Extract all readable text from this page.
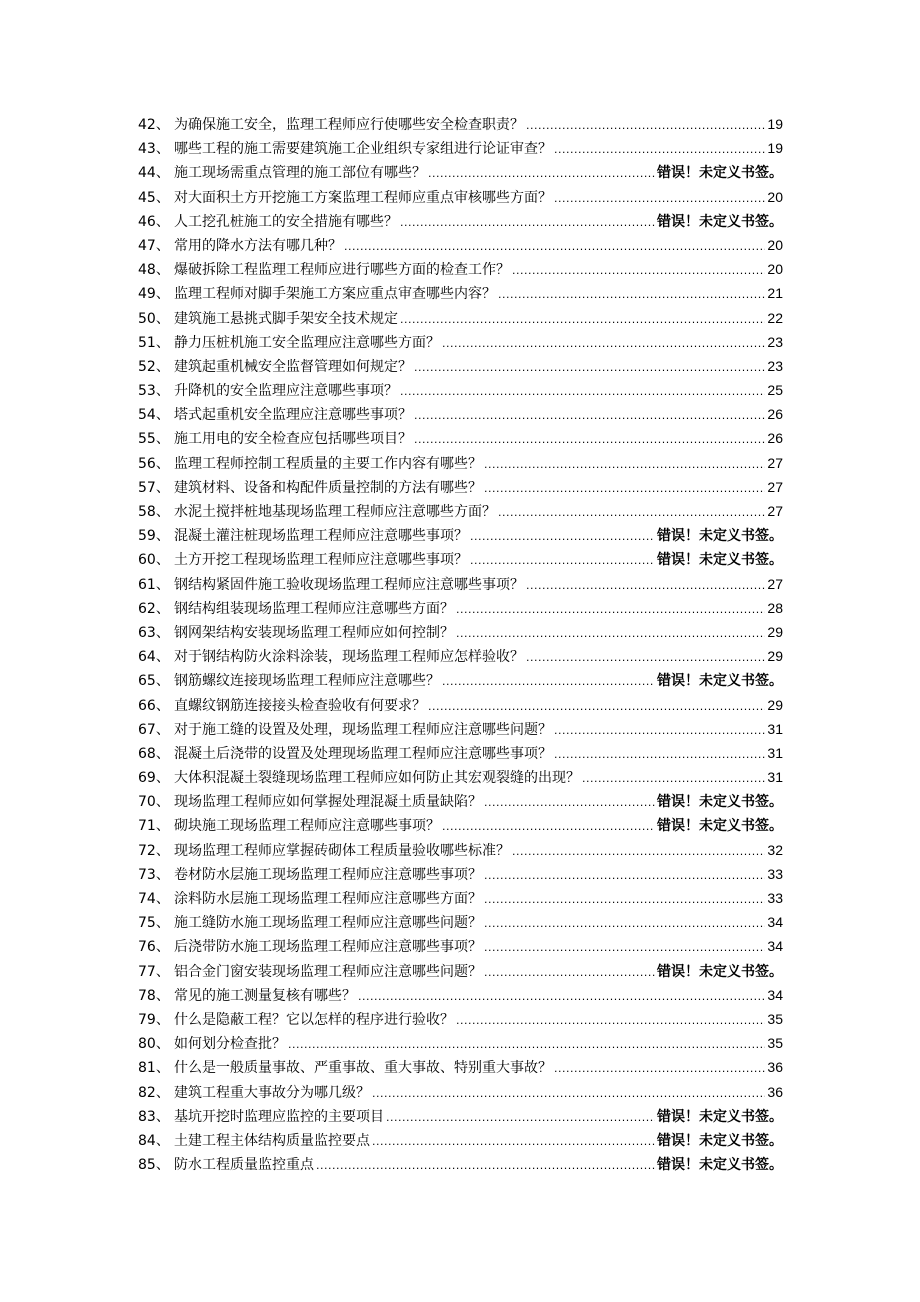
42、 为确保施工安全，监理工程师应行使哪些安全检查职责？ .....	19
43、 哪些工程的施工需要建筑施工企业组织专家组进行论证审查？ .....	19
44、 施工现场需重点管理的施工部位有哪些？ .....	错误！未定义书签。
45、 对大面积土方开挖施工方案监理工程师应重点审核哪些方面？ .....	20
46、 人工挖孔桩施工的安全措施有哪些？ .....	错误！未定义书签。
47、 常用的降水方法有哪几种？ .....	20
48、 爆破拆除工程监理工程师应进行哪些方面的检查工作？ .....	20
49、 监理工程师对脚手架施工方案应重点审查哪些内容？ .....	21
50、 建筑施工悬挑式脚手架安全技术规定 .....	22
51、 静力压桩机施工安全监理应注意哪些方面？ .....	23
52、 建筑起重机械安全监督管理如何规定？ .....	23
53、 升降机的安全监理应注意哪些事项？ .....	25
54、 塔式起重机安全监理应注意哪些事项？ .....	26
55、 施工用电的安全检查应包括哪些项目？ .....	26
56、 监理工程师控制工程质量的主要工作内容有哪些？ .....	27
57、 建筑材料、设备和构配件质量控制的方法有哪些？ .....	27
58、 水泥土搅拌桩地基现场监理工程师应注意哪些方面？ .....	27
59、 混凝土灌注桩现场监理工程师应注意哪些事项？ .....	错误！未定义书签。
60、 土方开挖工程现场监理工程师应注意哪些事项？ .....	错误！未定义书签。
61、 钢结构紧固件施工验收现场监理工程师应注意哪些事项？ .....	27
62、 钢结构组装现场监理工程师应注意哪些方面？ .....	28
63、 钢网架结构安装现场监理工程师应如何控制？ .....	29
64、 对于钢结构防火涂料涂装，现场监理工程师应怎样验收？ .....	29
65、 钢筋螺纹连接现场监理工程师应注意哪些？ .....	错误！未定义书签。
66、 直螺纹钢筋连接接头检查验收有何要求？ .....	29
67、 对于施工缝的设置及处理，现场监理工程师应注意哪些问题？ .....	31
68、 混凝土后浇带的设置及处理现场监理工程师应注意哪些事项？ .....	31
69、 大体积混凝土裂缝现场监理工程师应如何防止其宏观裂缝的出现？ .....	31
70、 现场监理工程师应如何掌握处理混凝土质量缺陷？ .....	错误！未定义书签。
71、 砌块施工现场监理工程师应注意哪些事项？ .....	错误！未定义书签。
72、 现场监理工程师应掌握砖砌体工程质量验收哪些标准？ .....	32
73、 卷材防水层施工现场监理工程师应注意哪些事项？ .....	33
74、 涂料防水层施工现场监理工程师应注意哪些方面？ .....	33
75、 施工缝防水施工现场监理工程师应注意哪些问题？ .....	34
76、 后浇带防水施工现场监理工程师应注意哪些事项？ .....	34
77、 铝合金门窗安装现场监理工程师应注意哪些问题？ .....	错误！未定义书签。
78、 常见的施工测量复核有哪些？ .....	34
79、 什么是隐蔽工程？它以怎样的程序进行验收？ .....	35
80、 如何划分检查批？ .....	35
81、 什么是一般质量事故、严重事故、重大事故、特别重大事故？ .....	36
82、 建筑工程重大事故分为哪几级？ .....	36
83、 基坑开挖时监理应监控的主要项目 .....	错误！未定义书签。
84、 土建工程主体结构质量监控要点 .....	错误！未定义书签。
85、 防水工程质量监控重点 .....	错误！未定义书签。
